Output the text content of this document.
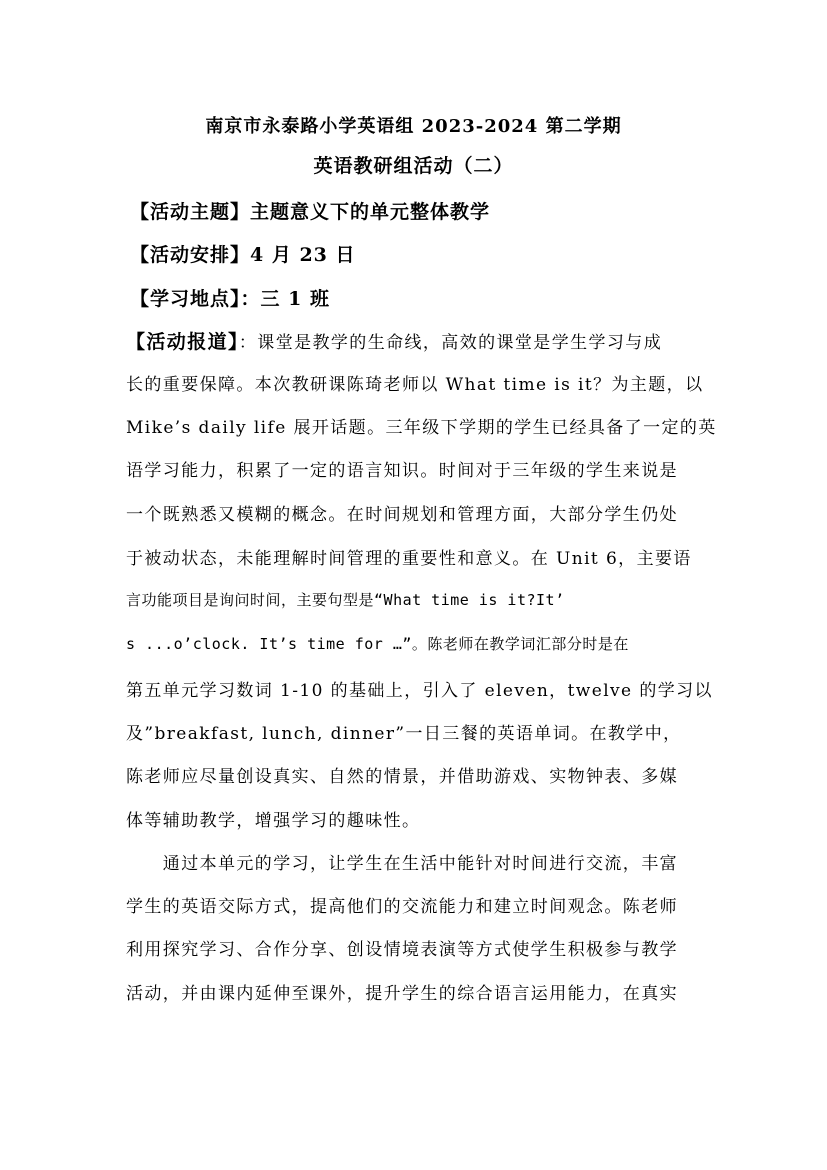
南京市永泰路小学英语组 2023-2024 第二学期
英语教研组活动（二）
【活动主题】主题意义下的单元整体教学
【活动安排】4 月 23 日
【学习地点】：三 1 班
【活动报道】：课堂是教学的生命线，高效的课堂是学生学习与成
长的重要保障。本次教研课陈琦老师以 What time is it？为主题，以
Mike’s daily life 展开话题。三年级下学期的学生已经具备了一定的英
语学习能力，积累了一定的语言知识。时间对于三年级的学生来说是
一个既熟悉又模糊的概念。在时间规划和管理方面，大部分学生仍处
于被动状态，未能理解时间管理的重要性和意义。在 Unit 6，主要语
言功能项目是询问时间，主要句型是“What time is it?It’
s ...o’clock. It’s time for …”。陈老师在教学词汇部分时是在
第五单元学习数词 1-10 的基础上，引入了 eleven，twelve 的学习以
及”breakfast, lunch, dinner”一日三餐的英语单词。在教学中，
陈老师应尽量创设真实、自然的情景，并借助游戏、实物钟表、多媒
体等辅助教学，增强学习的趣味性。
　　通过本单元的学习，让学生在生活中能针对时间进行交流，丰富
学生的英语交际方式，提高他们的交流能力和建立时间观念。陈老师
利用探究学习、合作分享、创设情境表演等方式使学生积极参与教学
活动，并由课内延伸至课外，提升学生的综合语言运用能力，在真实
